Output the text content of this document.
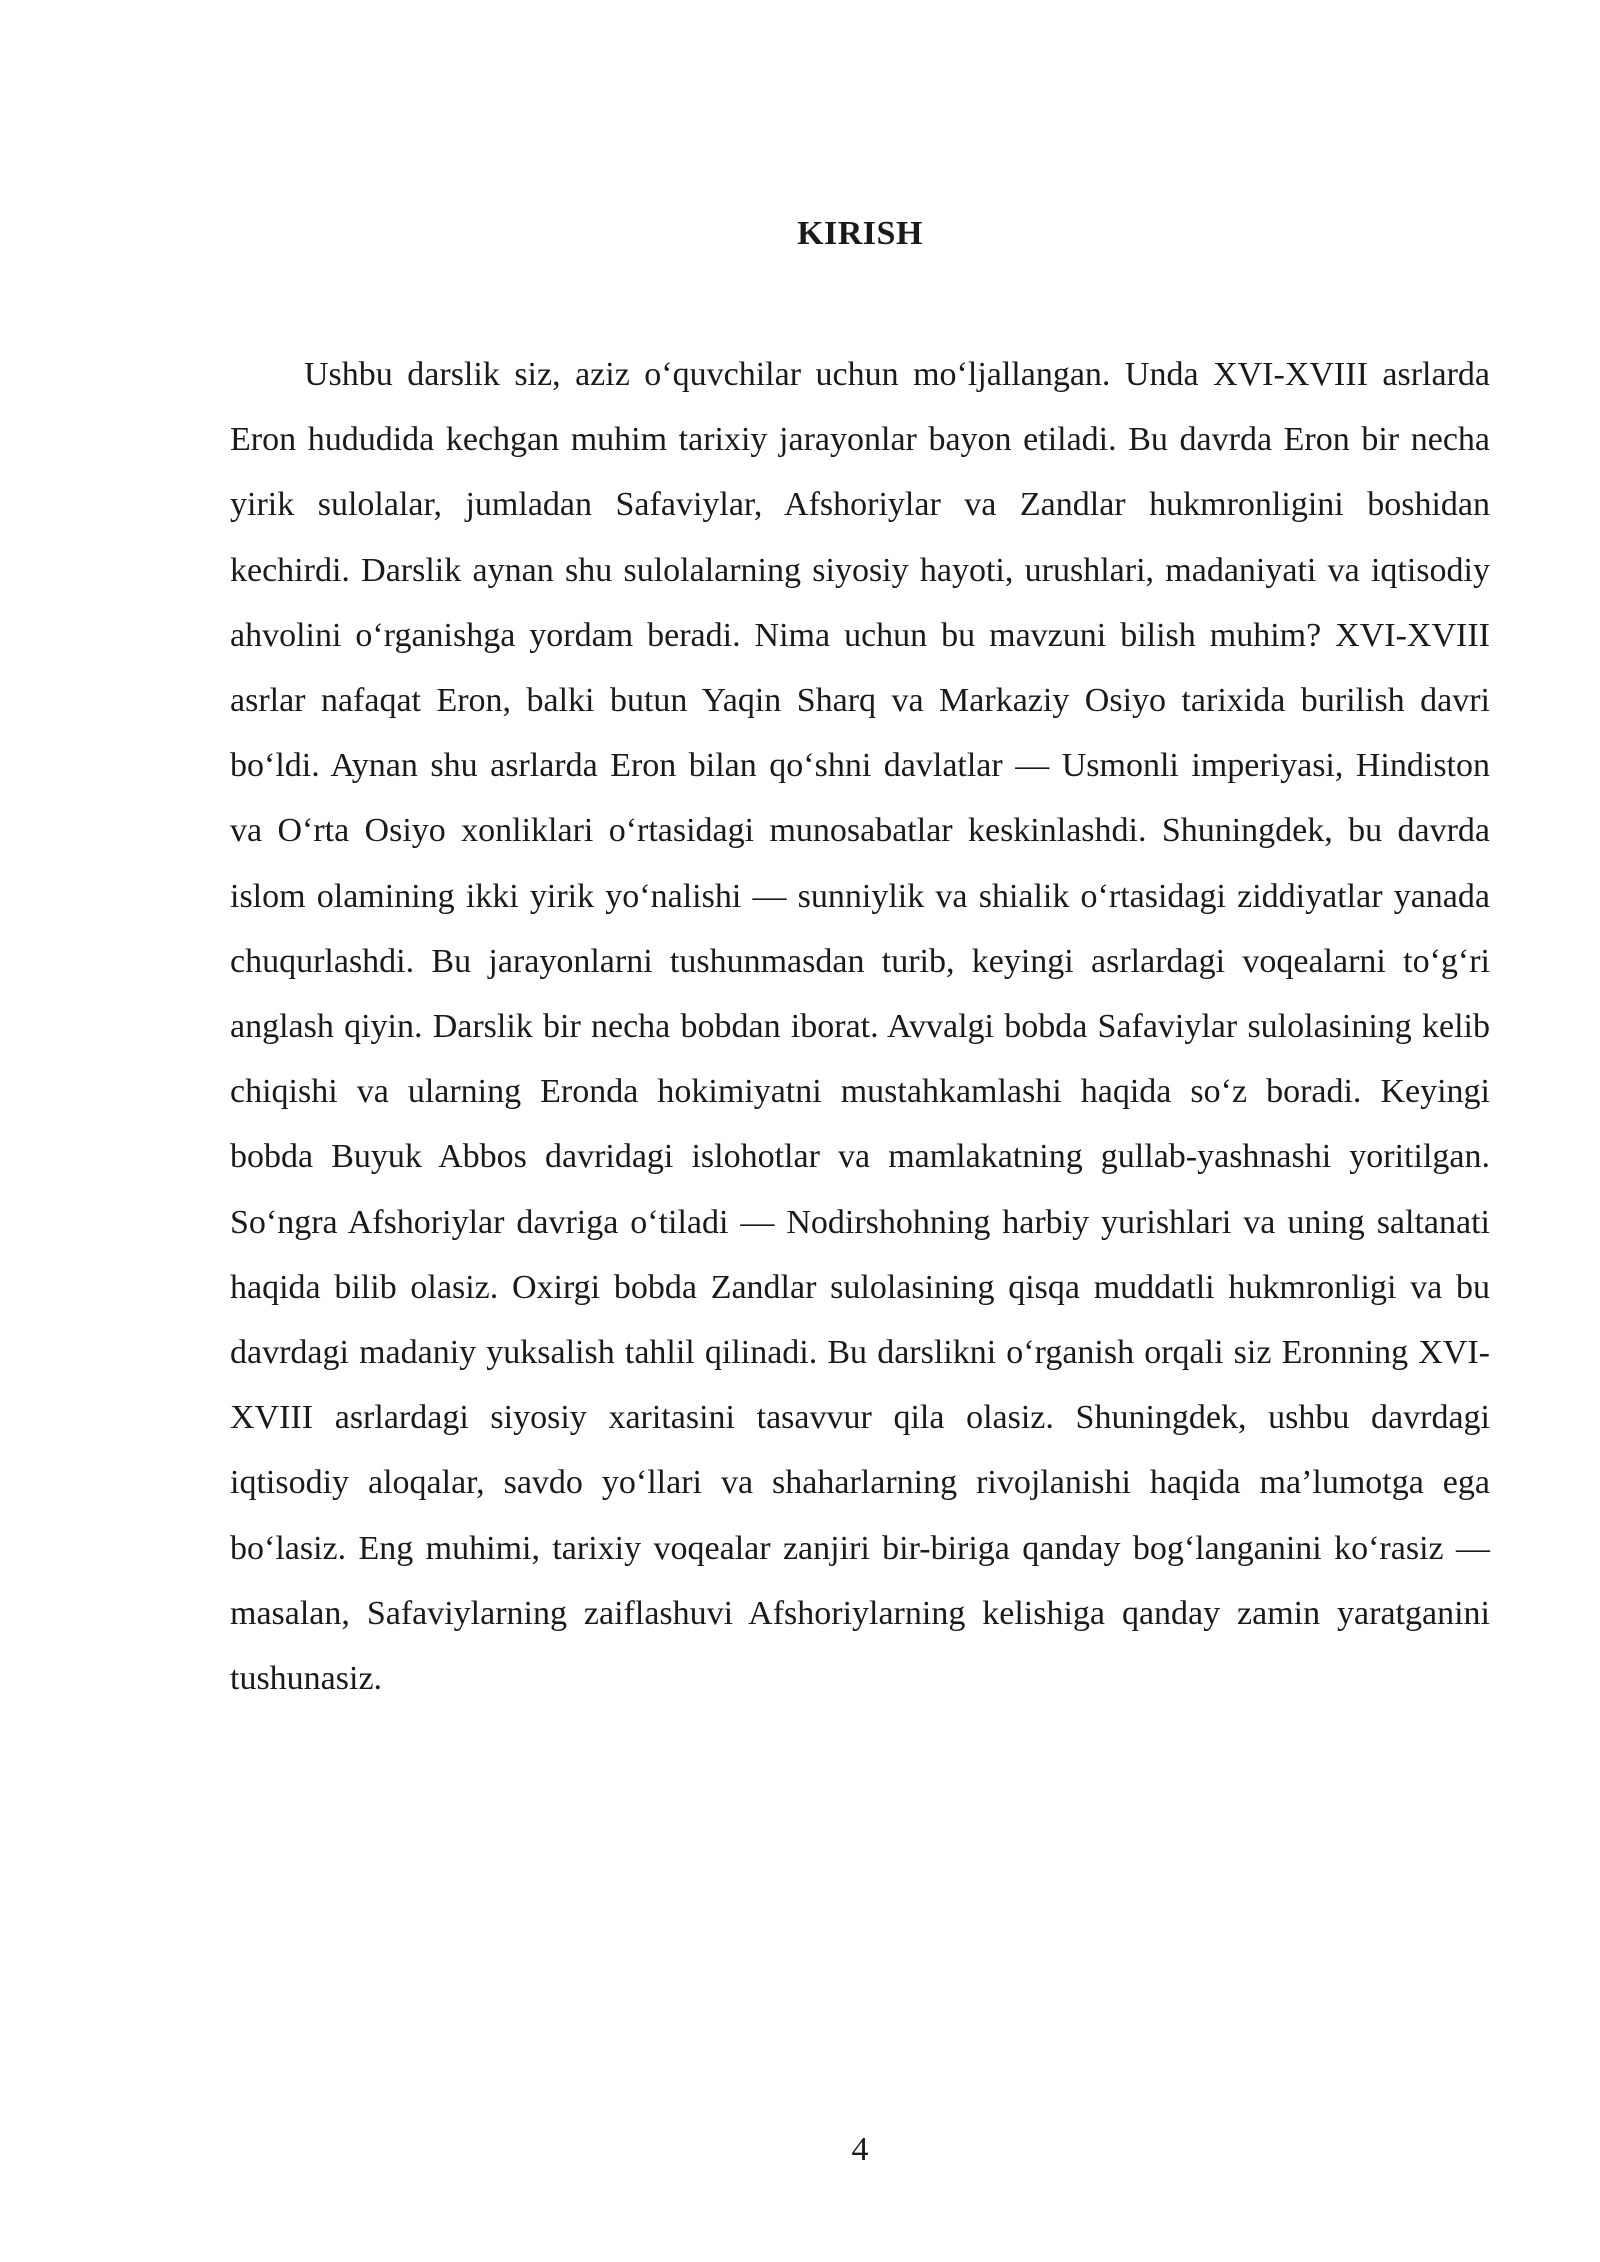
KIRISH

Ushbu darslik siz, aziz o‘quvchilar uchun mo‘ljallangan. Unda XVI-XVIII asrlarda Eron hududida kechgan muhim tarixiy jarayonlar bayon etiladi. Bu davrda Eron bir necha yirik sulolalar, jumladan Safaviylar, Afshoriylar va Zandlar hukmronligini boshidan kechirdi. Darslik aynan shu sulolalarning siyosiy hayoti, urushlari, madaniyati va iqtisodiy ahvolini o‘rganishga yordam beradi. Nima uchun bu mavzuni bilish muhim? XVI-XVIII asrlar nafaqat Eron, balki butun Yaqin Sharq va Markaziy Osiyo tarixida burilish davri bo‘ldi. Aynan shu asrlarda Eron bilan qo‘shni davlatlar — Usmonli imperiyasi, Hindiston va O‘rta Osiyo xonliklari o‘rtasidagi munosabatlar keskinlashdi. Shuningdek, bu davrda islom olamining ikki yirik yo‘nalishi — sunniylik va shialik o‘rtasidagi ziddiyatlar yanada chuqurlashdi. Bu jarayonlarni tushunmasdan turib, keyingi asrlardagi voqealarni to‘g‘ri anglash qiyin. Darslik bir necha bobdan iborat. Avvalgi bobda Safaviylar sulolasining kelib chiqishi va ularning Eronda hokimiyatni mustahkamlashi haqida so‘z boradi. Keyingi bobda Buyuk Abbos davridagi islohotlar va mamlakatning gullab-yashnashi yoritilgan. So‘ngra Afshoriylar davriga o‘tiladi — Nodirshohning harbiy yurishlari va uning saltanati haqida bilib olasiz. Oxirgi bobda Zandlar sulolasining qisqa muddatli hukmronligi va bu davrdagi madaniy yuksalish tahlil qilinadi. Bu darslikni o‘rganish orqali siz Eronning XVI-XVIII asrlardagi siyosiy xaritasini tasavvur qila olasiz. Shuningdek, ushbu davrdagi iqtisodiy aloqalar, savdo yo‘llari va shaharlarning rivojlanishi haqida ma’lumotga ega bo‘lasiz. Eng muhimi, tarixiy voqealar zanjiri bir-biriga qanday bog‘langanini ko‘rasiz — masalan, Safaviylarning zaiflashuvi Afshoriylarning kelishiga qanday zamin yaratganini tushunasiz.

4
